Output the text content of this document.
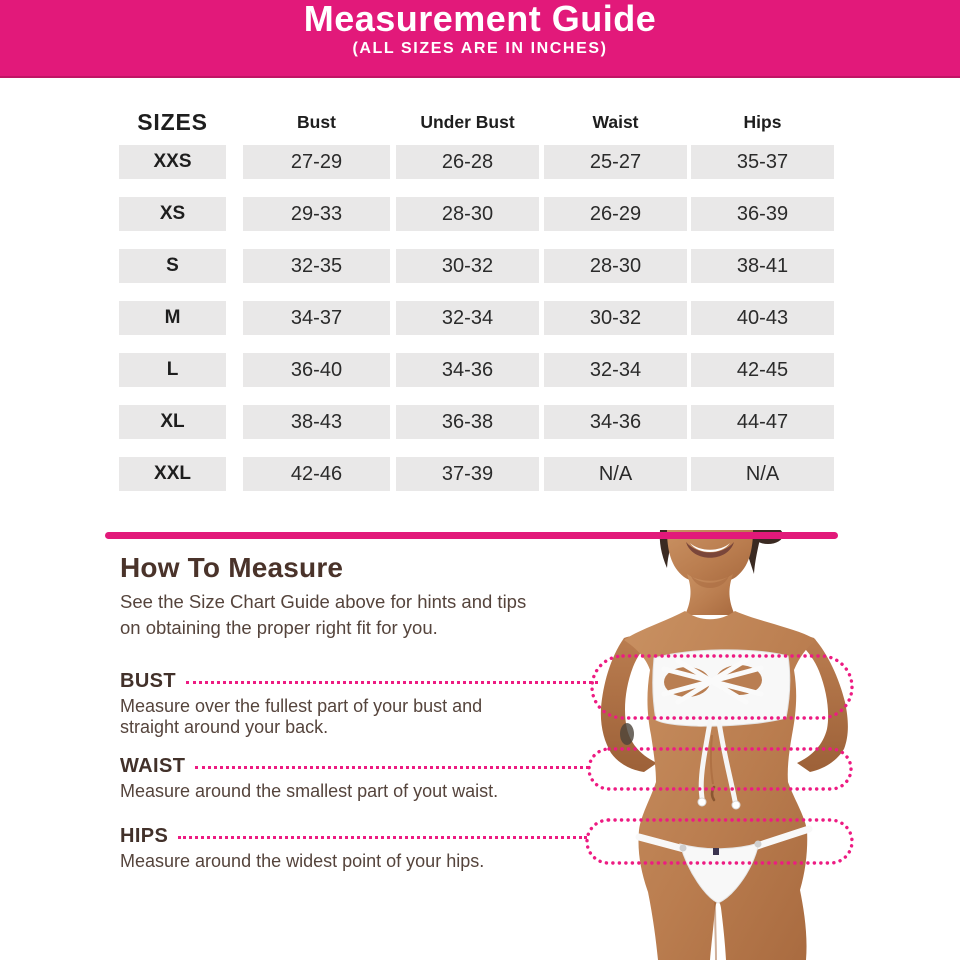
Measurement Guide
(ALL SIZES ARE IN INCHES)
SIZES	Bust	Under Bust	Waist	Hips
XXS	27-29	26-28	25-27	35-37
XS	29-33	28-30	26-29	36-39
S	32-35	30-32	28-30	38-41
M	34-37	32-34	30-32	40-43
L	36-40	34-36	32-34	42-45
XL	38-43	36-38	34-36	44-47
XXL	42-46	37-39	N/A	N/A
How To Measure
See the Size Chart Guide above for hints and tips
on obtaining the proper right fit for you.
BUST
Measure over the fullest part of your bust and
straight around your back.
WAIST
Measure around the smallest part of yout waist.
HIPS
Measure around the widest point of your hips.
